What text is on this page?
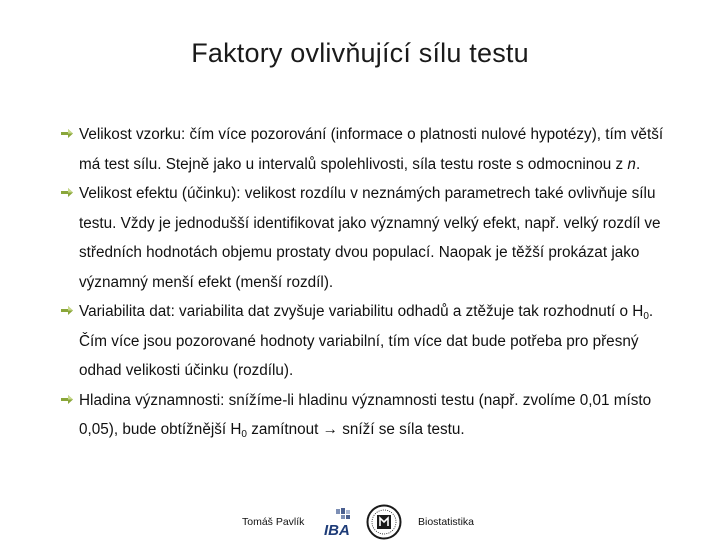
Faktory ovlivňující sílu testu

Velikost vzorku: čím více pozorování (informace o platnosti nulové hypotézy), tím větší má test sílu. Stejně jako u intervalů spolehlivosti, síla testu roste s odmocninou z n.

Velikost efektu (účinku): velikost rozdílu v neznámých parametrech také ovlivňuje sílu testu. Vždy je jednodušší identifikovat jako významný velký efekt, např. velký rozdíl ve středních hodnotách objemu prostaty dvou populací. Naopak je těžší prokázat jako významný menší efekt (menší rozdíl).

Variabilita dat: variabilita dat zvyšuje variabilitu odhadů a ztěžuje tak rozhodnutí o $H_0$. Čím více jsou pozorované hodnoty variabilní, tím více dat bude potřeba pro přesný odhad velikosti účinku (rozdílu).

Hladina významnosti: snížíme-li hladinu významnosti testu (např. zvolíme 0,01 místo 0,05), bude obtížnější $H_0$ zamítnout → sníží se síla testu.

Tomáš Pavlík IBA	Biostatistika
